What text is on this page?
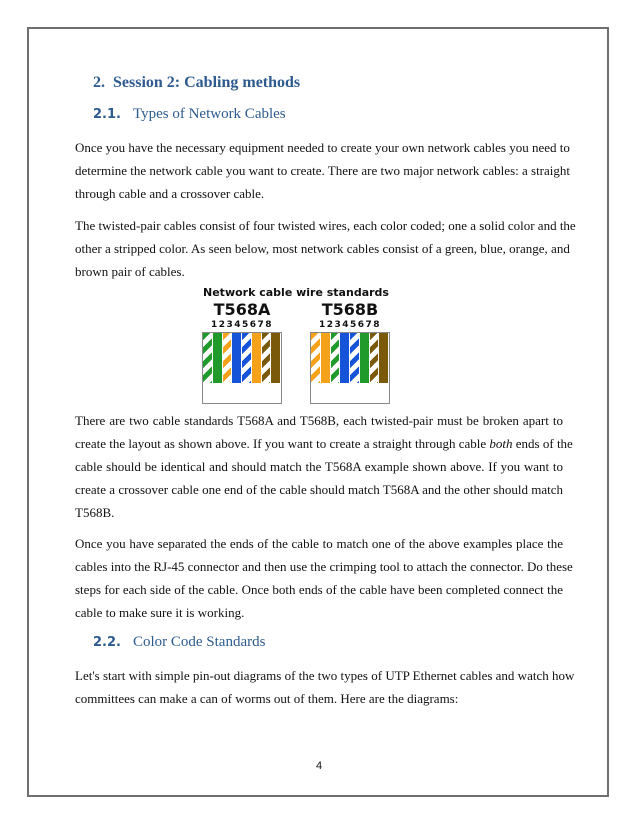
2. Session 2: Cabling methods
2.1. Types of Network Cables
Once you have the necessary equipment needed to create your own network cables you need to
determine the network cable you want to create. There are two major network cables: a straight
through cable and a crossover cable.
The twisted-pair cables consist of four twisted wires, each color coded; one a solid color and the
other a stripped color. As seen below, most network cables consist of a green, blue, orange, and
brown pair of cables.
Network cable wire standards
T568A
12345678
T568B
12345678
There are two cable standards T568A and T568B, each twisted-pair must be broken apart to
create the layout as shown above. If you want to create a straight through cable both ends of the
cable should be identical and should match the T568A example shown above. If you want to
create a crossover cable one end of the cable should match T568A and the other should match
T568B.
Once you have separated the ends of the cable to match one of the above examples place the
cables into the RJ-45 connector and then use the crimping tool to attach the connector. Do these
steps for each side of the cable. Once both ends of the cable have been completed connect the
cable to make sure it is working.
2.2. Color Code Standards
Let's start with simple pin-out diagrams of the two types of UTP Ethernet cables and watch how
committees can make a can of worms out of them. Here are the diagrams:
4
